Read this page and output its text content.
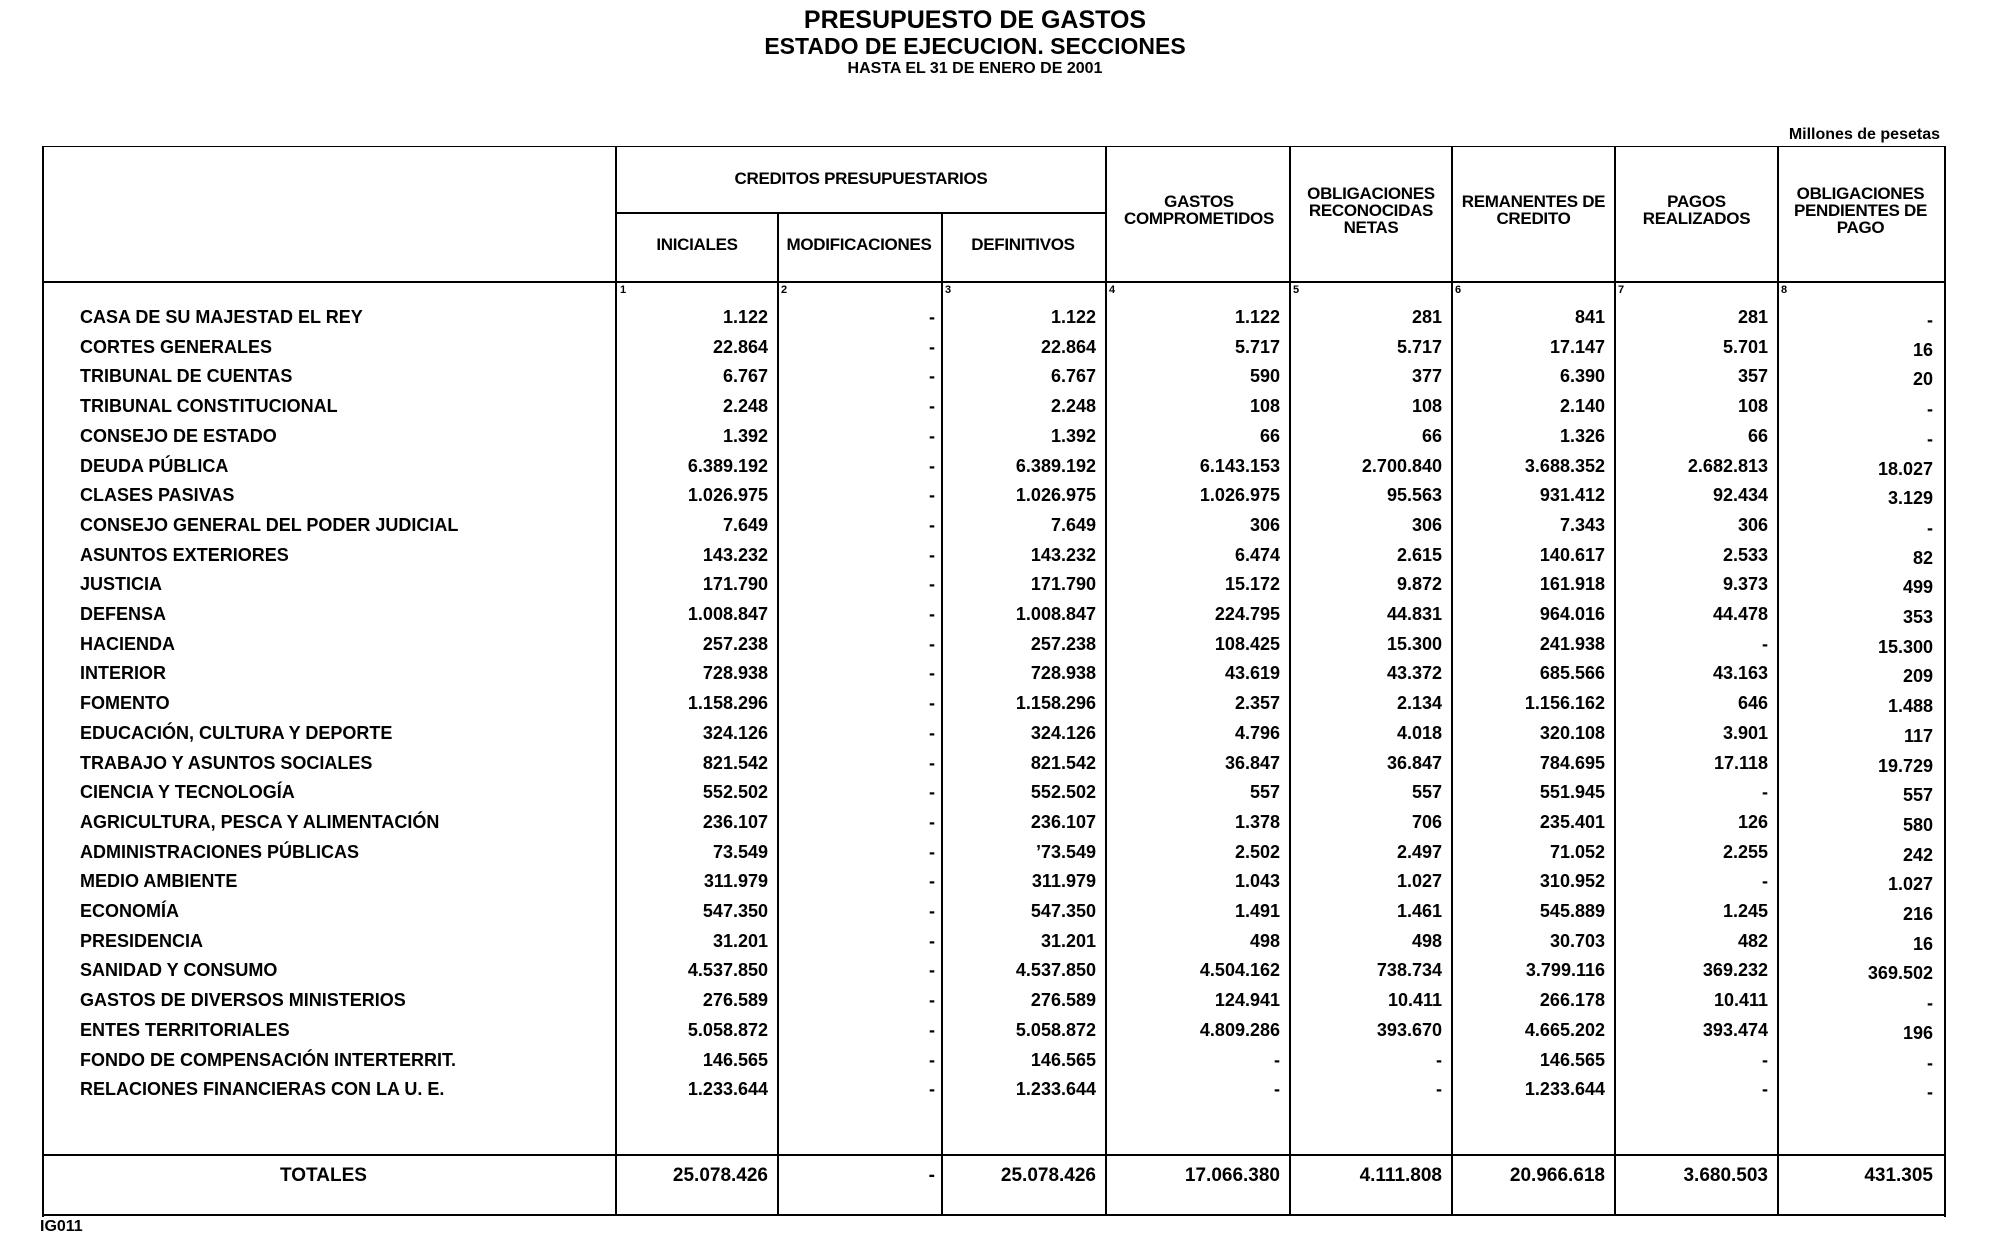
PRESUPUESTO DE GASTOS
ESTADO DE EJECUCION. SECCIONES
HASTA EL 31 DE ENERO DE 2001
Millones de pesetas
CREDITOS PRESUPUESTARIOS
INICIALES	MODIFICACIONES	DEFINITIVOS
GASTOS COMPROMETIDOS
OBLIGACIONES RECONOCIDAS NETAS
REMANENTES DE CREDITO
PAGOS REALIZADOS
OBLIGACIONES PENDIENTES DE PAGO
1	2	3	4	5	6	7	8
CASA DE SU MAJESTAD EL REY	1.122	-	1.122	1.122	281	841	281	-
CORTES GENERALES	22.864	-	22.864	5.717	5.717	17.147	5.701	16
TRIBUNAL DE CUENTAS	6.767	-	6.767	590	377	6.390	357	20
TRIBUNAL CONSTITUCIONAL	2.248	-	2.248	108	108	2.140	108	-
CONSEJO DE ESTADO	1.392	-	1.392	66	66	1.326	66	-
DEUDA PÚBLICA	6.389.192	-	6.389.192	6.143.153	2.700.840	3.688.352	2.682.813	18.027
CLASES PASIVAS	1.026.975	-	1.026.975	1.026.975	95.563	931.412	92.434	3.129
CONSEJO GENERAL DEL PODER JUDICIAL	7.649	-	7.649	306	306	7.343	306	-
ASUNTOS EXTERIORES	143.232	-	143.232	6.474	2.615	140.617	2.533	82
JUSTICIA	171.790	-	171.790	15.172	9.872	161.918	9.373	499
DEFENSA	1.008.847	-	1.008.847	224.795	44.831	964.016	44.478	353
HACIENDA	257.238	-	257.238	108.425	15.300	241.938	-	15.300
INTERIOR	728.938	-	728.938	43.619	43.372	685.566	43.163	209
FOMENTO	1.158.296	-	1.158.296	2.357	2.134	1.156.162	646	1.488
EDUCACIÓN, CULTURA Y DEPORTE	324.126	-	324.126	4.796	4.018	320.108	3.901	117
TRABAJO Y ASUNTOS SOCIALES	821.542	-	821.542	36.847	36.847	784.695	17.118	19.729
CIENCIA Y TECNOLOGÍA	552.502	-	552.502	557	557	551.945	-	557
AGRICULTURA, PESCA Y ALIMENTACIÓN	236.107	-	236.107	1.378	706	235.401	126	580
ADMINISTRACIONES PÚBLICAS	73.549	-	’73.549	2.502	2.497	71.052	2.255	242
MEDIO AMBIENTE	311.979	-	311.979	1.043	1.027	310.952	-	1.027
ECONOMÍA	547.350	-	547.350	1.491	1.461	545.889	1.245	216
PRESIDENCIA	31.201	-	31.201	498	498	30.703	482	16
SANIDAD Y CONSUMO	4.537.850	-	4.537.850	4.504.162	738.734	3.799.116	369.232	369.502
GASTOS DE DIVERSOS MINISTERIOS	276.589	-	276.589	124.941	10.411	266.178	10.411	-
ENTES TERRITORIALES	5.058.872	-	5.058.872	4.809.286	393.670	4.665.202	393.474	196
FONDO DE COMPENSACIÓN INTERTERRIT.	146.565	-	146.565	-	-	146.565	-	-
RELACIONES FINANCIERAS CON LA U. E.	1.233.644	-	1.233.644	-	-	1.233.644	-	-
TOTALES	25.078.426	-	25.078.426	17.066.380	4.111.808	20.966.618	3.680.503	431.305
IG011
